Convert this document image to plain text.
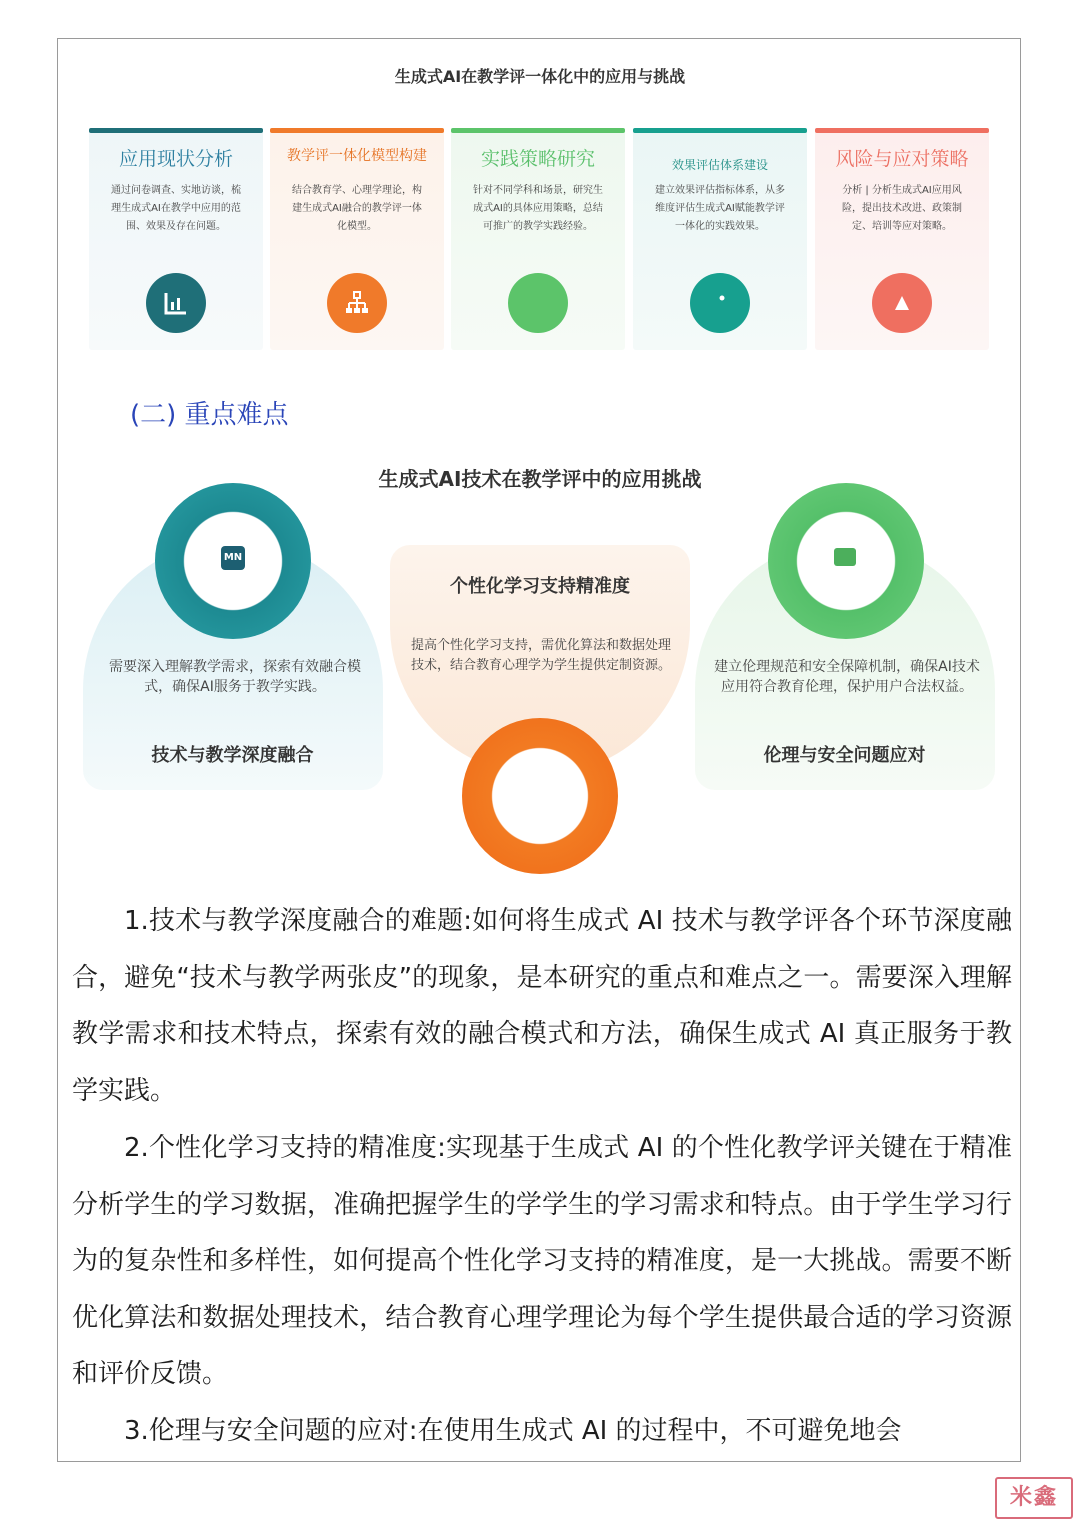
生成式AI在教学评一体化中的应用与挑战
应用现状分析
通过问卷调查、实地访谈，梳理生成式AI在教学中应用的范围、效果及存在问题。
教学评一体化模型构建
结合教育学、心理学理论，构建生成式AI融合的教学评一体化模型。
实践策略研究
针对不同学科和场景，研究生成式AI的具体应用策略，总结可推广的教学实践经验。
效果评估体系建设
建立效果评估指标体系，从多维度评估生成式AI赋能教学评一体化的实践效果。
风险与应对策略
分析 | 分析生成式AI应用风险，提出技术改进、政策制定、培训等应对策略。
(二) 重点难点
生成式AI技术在教学评中的应用挑战
MN
需要深入理解教学需求，探索有效融合模式，确保AI服务于教学实践。
技术与教学深度融合
个性化学习支持精准度
提高个性化学习支持，需优化算法和数据处理技术，结合教育心理学为学生提供定制资源。	建立伦理规范和安全保障机制，确保AI技术应用符合教育伦理，保护用户合法权益。
伦理与安全问题应对
1.技术与教学深度融合的难题:如何将生成式 AI 技术与教学评各个环节深度融合，避免“技术与教学两张皮”的现象，是本研究的重点和难点之一。需要深入理解教学需求和技术特点，探索有效的融合模式和方法，确保生成式 AI 真正服务于教学实践。
2.个性化学习支持的精准度:实现基于生成式 AI 的个性化教学评关键在于精准分析学生的学习数据，准确把握学生的学学生的学习需求和特点。由于学生学习行为的复杂性和多样性，如何提高个性化学习支持的精准度，是一大挑战。需要不断优化算法和数据处理技术，结合教育心理学理论为每个学生提供最合适的学习资源和评价反馈。
3.伦理与安全问题的应对:在使用生成式 AI 的过程中，不可避免地会
米鑫
